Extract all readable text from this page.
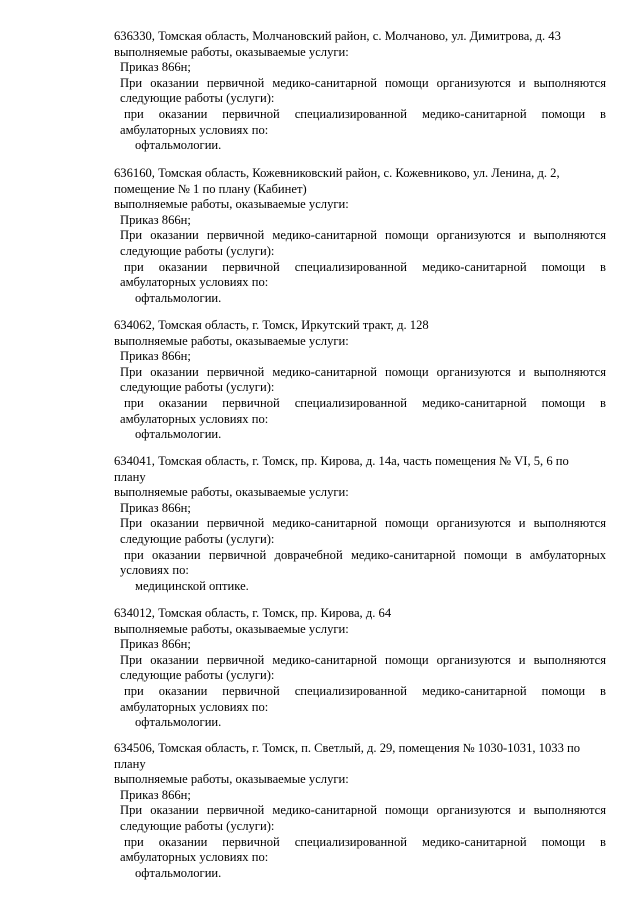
636330, Томская область, Молчановский район, с. Молчаново, ул. Димитрова, д. 43
выполняемые работы, оказываемые услуги:
Приказ 866н;
При оказании первичной медико-санитарной помощи организуются и выполняются
следующие работы (услуги):
при оказании первичной специализированной медико-санитарной помощи в
амбулаторных условиях по:
офтальмологии.
636160, Томская область, Кожевниковский район, с. Кожевниково, ул. Ленина, д. 2,
помещение № 1 по плану (Кабинет)
выполняемые работы, оказываемые услуги:
Приказ 866н;
При оказании первичной медико-санитарной помощи организуются и выполняются
следующие работы (услуги):
при оказании первичной специализированной медико-санитарной помощи в
амбулаторных условиях по:
офтальмологии.
634062, Томская область, г. Томск, Иркутский тракт, д. 128
выполняемые работы, оказываемые услуги:
Приказ 866н;
При оказании первичной медико-санитарной помощи организуются и выполняются
следующие работы (услуги):
при оказании первичной специализированной медико-санитарной помощи в
амбулаторных условиях по:
офтальмологии.
634041, Томская область, г. Томск, пр. Кирова, д. 14а, часть помещения № VI, 5, 6 по
плану
выполняемые работы, оказываемые услуги:
Приказ 866н;
При оказании первичной медико-санитарной помощи организуются и выполняются
следующие работы (услуги):
при оказании первичной доврачебной медико-санитарной помощи в амбулаторных
условиях по:
медицинской оптике.
634012, Томская область, г. Томск, пр. Кирова, д. 64
выполняемые работы, оказываемые услуги:
Приказ 866н;
При оказании первичной медико-санитарной помощи организуются и выполняются
следующие работы (услуги):
при оказании первичной специализированной медико-санитарной помощи в
амбулаторных условиях по:
офтальмологии.
634506, Томская область, г. Томск, п. Светлый, д. 29, помещения № 1030-1031, 1033 по
плану
выполняемые работы, оказываемые услуги:
Приказ 866н;
При оказании первичной медико-санитарной помощи организуются и выполняются
следующие работы (услуги):
при оказании первичной специализированной медико-санитарной помощи в
амбулаторных условиях по:
офтальмологии.
